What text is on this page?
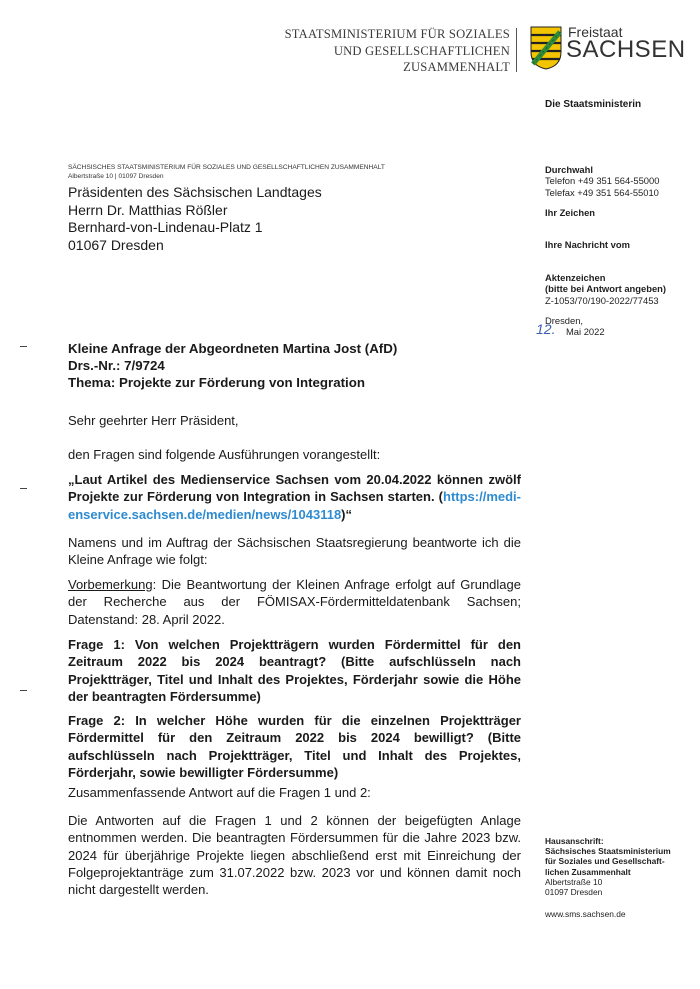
STAATSMINISTERIUM FÜR SOZIALES
UND GESELLSCHAFTLICHEN
ZUSAMMENHALT
Freistaat
SACHSEN
Die Staatsministerin
SÄCHSISCHES STAATSMINISTERIUM FÜR SOZIALES UND GESELLSCHAFTLICHEN ZUSAMMENHALT
Albertstraße 10 | 01097 Dresden
Präsidenten des Sächsischen Landtages
Herrn Dr. Matthias Rößler
Bernhard-von-Lindenau-Platz 1
01067 Dresden
Durchwahl
Telefon +49 351 564-55000
Telefax +49 351 564-55010
Ihr Zeichen
Ihre Nachricht vom
Aktenzeichen
(bitte bei Antwort angeben)
Z-1053/70/190-2022/77453
Dresden,
12. Mai 2022
Kleine Anfrage der Abgeordneten Martina Jost (AfD)
Drs.-Nr.: 7/9724
Thema: Projekte zur Förderung von Integration
Sehr geehrter Herr Präsident,
den Fragen sind folgende Ausführungen vorangestellt:
„Laut Artikel des Medienservice Sachsen vom 20.04.2022 können zwölf
Projekte zur Förderung von Integration in Sachsen starten. (https://medi-
enservice.sachsen.de/medien/news/1043118)“
Namens und im Auftrag der Sächsischen Staatsregierung beantworte ich die Kleine Anfrage wie folgt:
Vorbemerkung: Die Beantwortung der Kleinen Anfrage erfolgt auf Grundlage der Recherche aus der FÖMISAX-Fördermitteldatenbank Sachsen; Datenstand: 28. April 2022.
Frage 1: Von welchen Projektträgern wurden Fördermittel für den Zeitraum 2022 bis 2024 beantragt? (Bitte aufschlüsseln nach Projektträger, Titel und Inhalt des Projektes, Förderjahr sowie die Höhe der beantragten Fördersumme)
Frage 2: In welcher Höhe wurden für die einzelnen Projektträger Fördermittel für den Zeitraum 2022 bis 2024 bewilligt? (Bitte aufschlüsseln nach Projektträger, Titel und Inhalt des Projektes, Förderjahr, sowie bewilligter Fördersumme)
Zusammenfassende Antwort auf die Fragen 1 und 2:
Die Antworten auf die Fragen 1 und 2 können der beigefügten Anlage entnommen werden. Die beantragten Fördersummen für die Jahre 2023 bzw. 2024 für überjährige Projekte liegen abschließend erst mit Einreichung der Folgeprojektanträge zum 31.07.2022 bzw. 2023 vor und können damit noch nicht dargestellt werden.
Hausanschrift:
Sächsisches Staatsministerium
für Soziales und Gesellschaft-
lichen Zusammenhalt
Albertstraße 10
01097 Dresden
www.sms.sachsen.de
